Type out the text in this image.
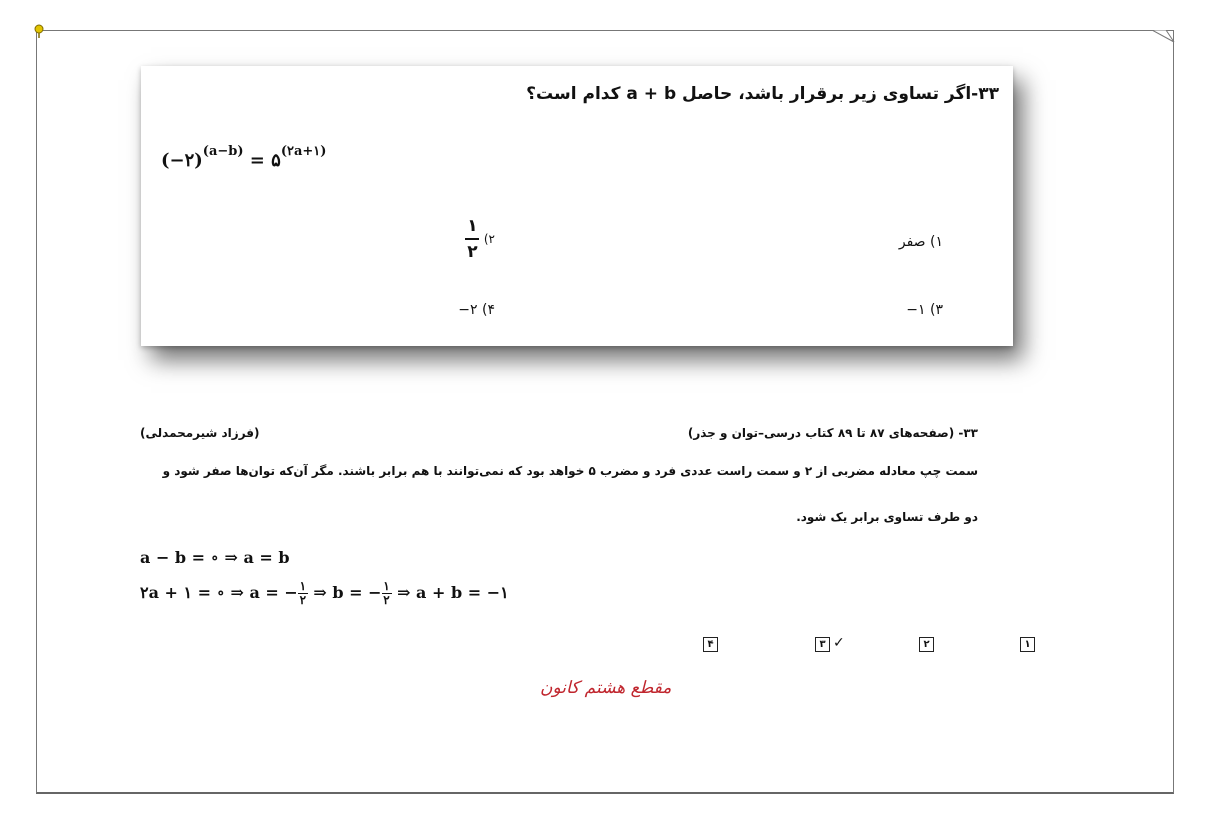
۳۳-اگر تساوی زیر برقرار باشد، حاصل a + b کدام است؟
(−۲)$^{(a-b)}$ = $۵^{(۲a+۱)}$
۱) صفر
۲)
$\frac{۱}{۲}$
۳) ۱−
۴) ۲−
۳۳- (صفحه‌های ۸۷ تا ۸۹ کتاب درسی–توان و جذر)
(فرزاد شیرمحمدلی)
سمت چپ معادله مضربی از ۲ و سمت راست عددی فرد و مضرب ۵ خواهد بود که نمی‌توانند با هم برابر باشند. مگر آن‌که توان‌ها صفر شود و
دو طرف تساوی برابر یک شود.
a − b = ∘ ⇒ a = b
۲a + ۱ = ∘ ⇒ a = − ۱
۲ ⇒ b = − ۱
۲ ⇒ a + b = −۱
۱
۲
۳ ✓
۴
مقطع هشتم کانون
